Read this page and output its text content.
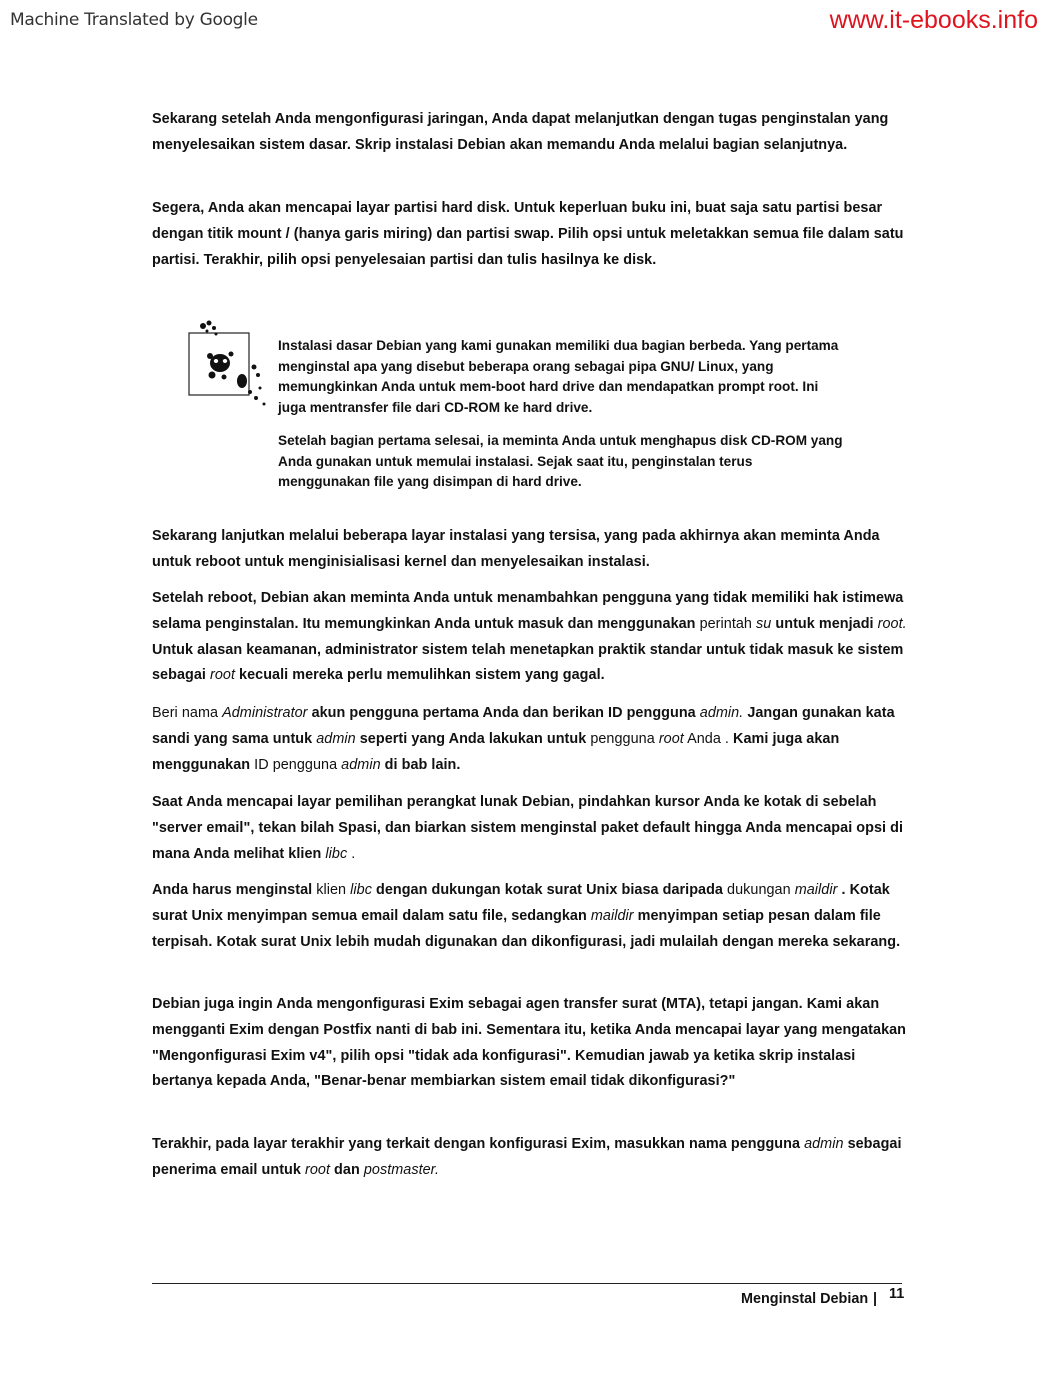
Machine Translated by Google	www.it-ebooks.info

Sekarang setelah Anda mengonfigurasi jaringan, Anda dapat melanjutkan dengan tugas penginstalan yang menyelesaikan sistem dasar. Skrip instalasi Debian akan memandu Anda melalui bagian selanjutnya.

Segera, Anda akan mencapai layar partisi hard disk. Untuk keperluan buku ini, buat saja satu partisi besar dengan titik mount / (hanya garis miring) dan partisi swap. Pilih opsi untuk meletakkan semua file dalam satu partisi. Terakhir, pilih opsi penyelesaian partisi dan tulis hasilnya ke disk.

Instalasi dasar Debian yang kami gunakan memiliki dua bagian berbeda. Yang pertama menginstal apa yang disebut beberapa orang sebagai pipa GNU/ Linux, yang memungkinkan Anda untuk mem-boot hard drive dan mendapatkan prompt root. Ini juga mentransfer file dari CD-ROM ke hard drive.

Setelah bagian pertama selesai, ia meminta Anda untuk menghapus disk CD-ROM yang Anda gunakan untuk memulai instalasi. Sejak saat itu, penginstalan terus menggunakan file yang disimpan di hard drive.

Sekarang lanjutkan melalui beberapa layar instalasi yang tersisa, yang pada akhirnya akan meminta Anda untuk reboot untuk menginisialisasi kernel dan menyelesaikan instalasi.

Setelah reboot, Debian akan meminta Anda untuk menambahkan pengguna yang tidak memiliki hak istimewa selama penginstalan. Itu memungkinkan Anda untuk masuk dan menggunakan perintah su untuk menjadi root. Untuk alasan keamanan, administrator sistem telah menetapkan praktik standar untuk tidak masuk ke sistem sebagai root kecuali mereka perlu memulihkan sistem yang gagal.

Beri nama Administrator akun pengguna pertama Anda dan berikan ID pengguna admin. Jangan gunakan kata sandi yang sama untuk admin seperti yang Anda lakukan untuk pengguna root Anda . Kami juga akan menggunakan ID pengguna admin di bab lain.

Saat Anda mencapai layar pemilihan perangkat lunak Debian, pindahkan kursor Anda ke kotak di sebelah "server email", tekan bilah Spasi, dan biarkan sistem menginstal paket default hingga Anda mencapai opsi di mana Anda melihat klien libc .

Anda harus menginstal klien libc dengan dukungan kotak surat Unix biasa daripada dukungan maildir . Kotak surat Unix menyimpan semua email dalam satu file, sedangkan maildir menyimpan setiap pesan dalam file terpisah. Kotak surat Unix lebih mudah digunakan dan dikonfigurasi, jadi mulailah dengan mereka sekarang.

Debian juga ingin Anda mengonfigurasi Exim sebagai agen transfer surat (MTA), tetapi jangan. Kami akan mengganti Exim dengan Postfix nanti di bab ini. Sementara itu, ketika Anda mencapai layar yang mengatakan "Mengonfigurasi Exim v4", pilih opsi "tidak ada konfigurasi". Kemudian jawab ya ketika skrip instalasi bertanya kepada Anda, "Benar-benar membiarkan sistem email tidak dikonfigurasi?"

Terakhir, pada layar terakhir yang terkait dengan konfigurasi Exim, masukkan nama pengguna admin sebagai penerima email untuk root dan postmaster.

Menginstal Debian | 11
